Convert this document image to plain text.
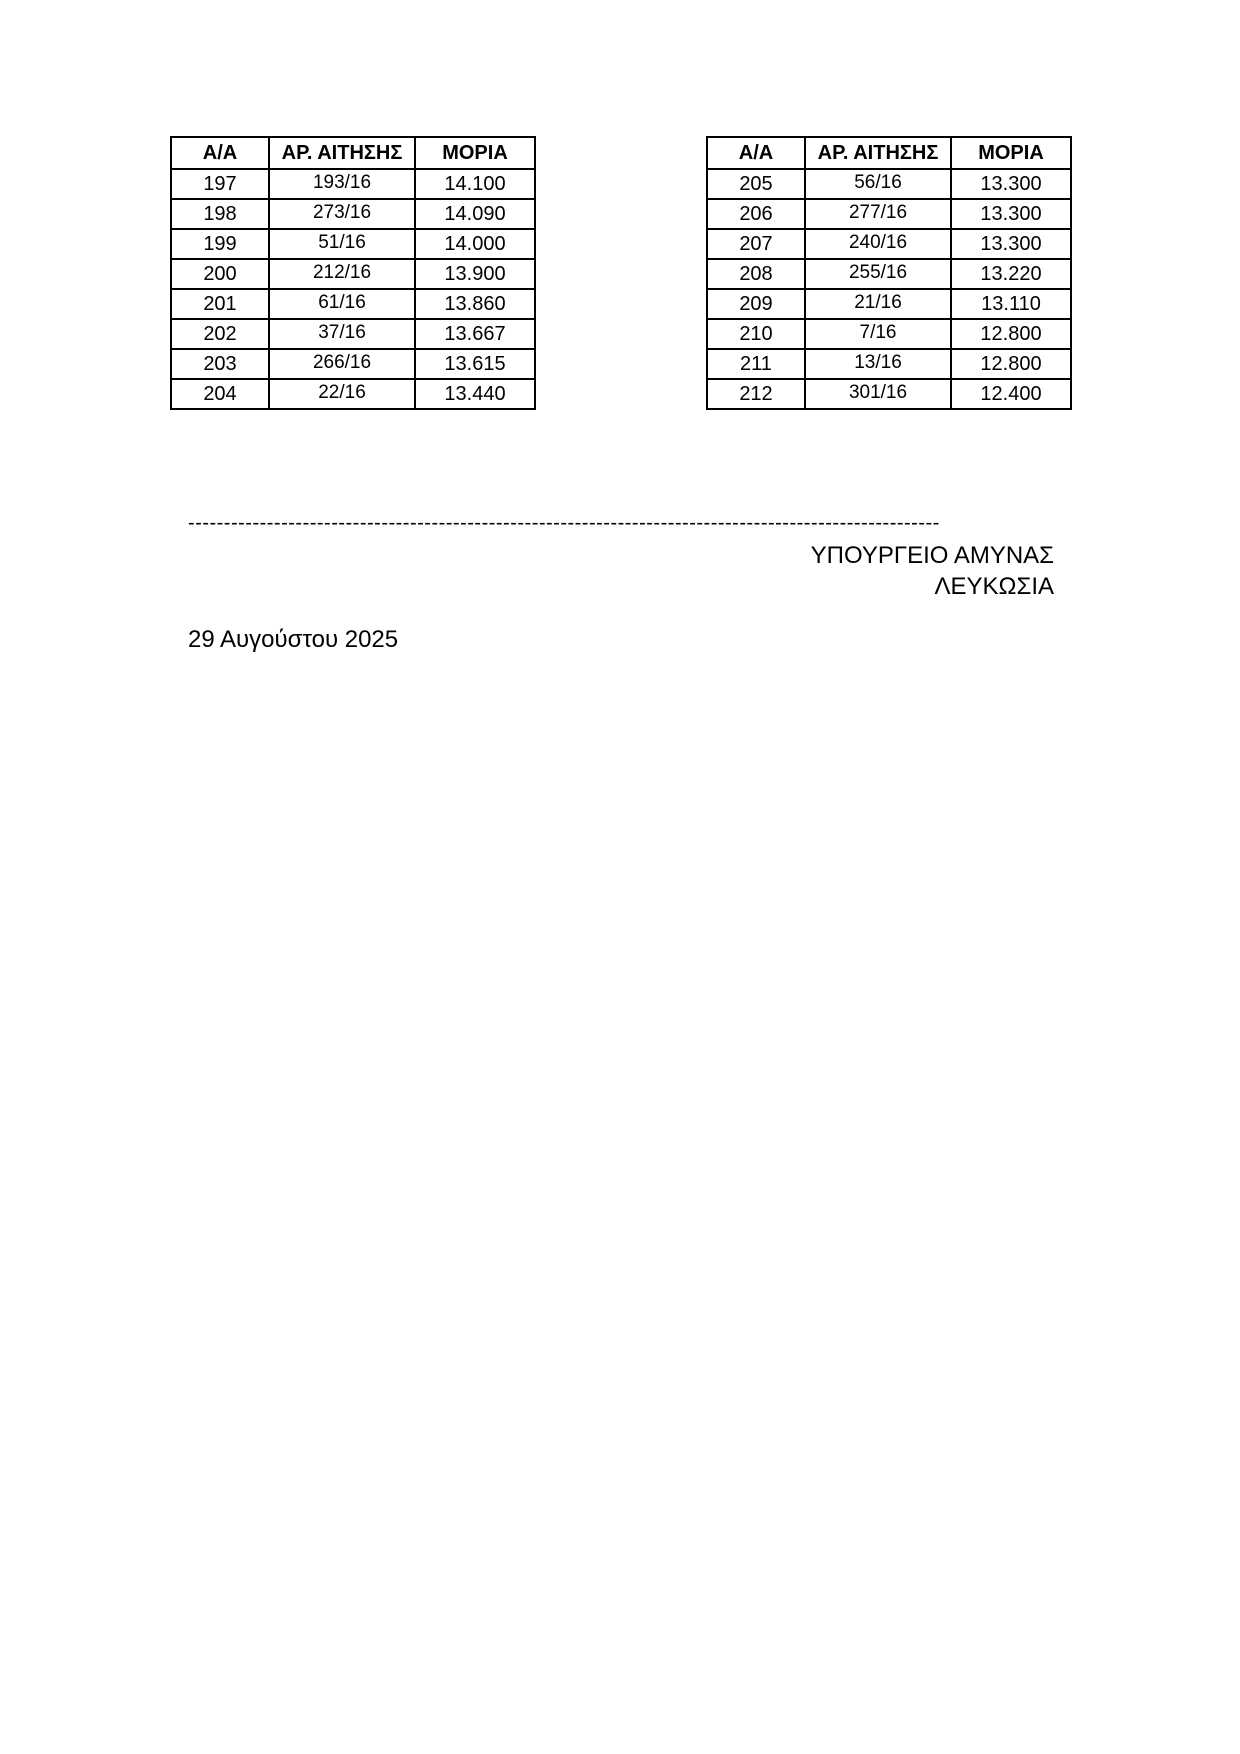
Α/Α	ΑΡ. ΑΙΤΗΣΗΣ	ΜΟΡΙΑ
197	193/16	14.100
198	273/16	14.090
199	51/16	14.000
200	212/16	13.900
201	61/16	13.860
202	37/16	13.667
203	266/16	13.615
204	22/16	13.440
Α/Α	ΑΡ. ΑΙΤΗΣΗΣ	ΜΟΡΙΑ
205	56/16	13.300
206	277/16	13.300
207	240/16	13.300
208	255/16	13.220
209	21/16	13.110
210	7/16	12.800
211	13/16	12.800
212	301/16	12.400
---------------------------------------------------------------------------------------------------------
ΥΠΟΥΡΓΕΙΟ ΑΜΥΝΑΣ
ΛΕΥΚΩΣΙΑ
29 Αυγούστου 2025
